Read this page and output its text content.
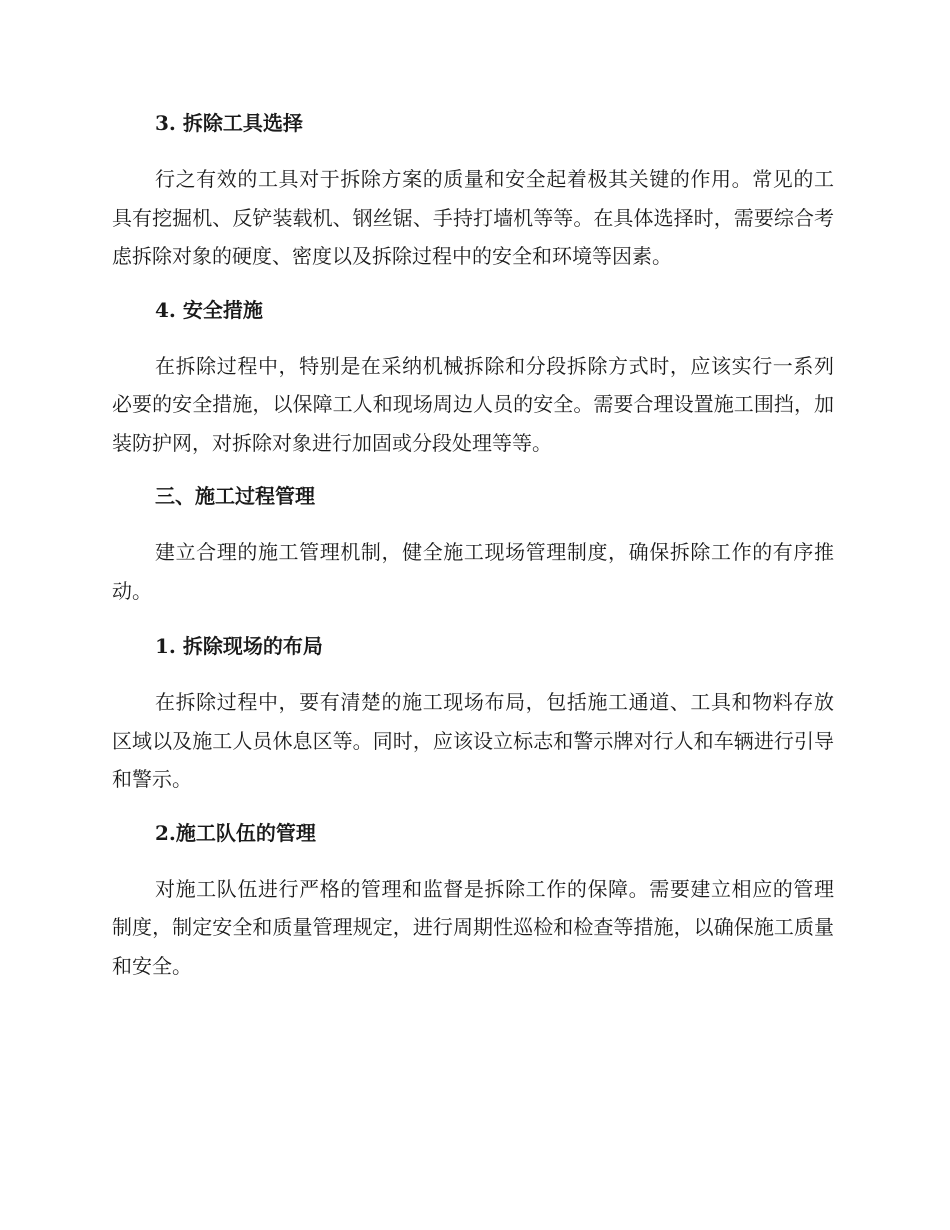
3. 拆除工具选择

行之有效的工具对于拆除方案的质量和安全起着极其关键的作用。常见的工具有挖掘机、反铲装载机、钢丝锯、手持打墙机等等。在具体选择时，需要综合考虑拆除对象的硬度、密度以及拆除过程中的安全和环境等因素。

4. 安全措施

在拆除过程中，特别是在采纳机械拆除和分段拆除方式时，应该实行一系列必要的安全措施，以保障工人和现场周边人员的安全。需要合理设置施工围挡，加装防护网，对拆除对象进行加固或分段处理等等。

三、施工过程管理

建立合理的施工管理机制，健全施工现场管理制度，确保拆除工作的有序推动。

1. 拆除现场的布局

在拆除过程中，要有清楚的施工现场布局，包括施工通道、工具和物料存放区域以及施工人员休息区等。同时，应该设立标志和警示牌对行人和车辆进行引导和警示。

2.施工队伍的管理

对施工队伍进行严格的管理和监督是拆除工作的保障。需要建立相应的管理制度，制定安全和质量管理规定，进行周期性巡检和检查等措施，以确保施工质量和安全。
